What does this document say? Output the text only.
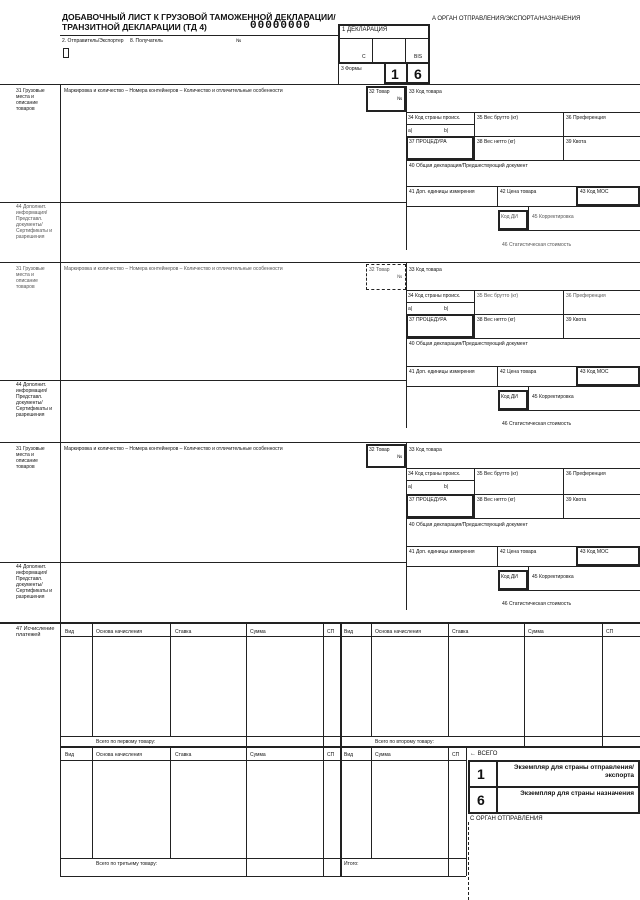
ДОБАВОЧНЫЙ ЛИСТ К ГРУЗОВОЙ ТАМОЖЕННОЙ ДЕКЛАРАЦИИ/
ТРАНЗИТНОЙ ДЕКЛАРАЦИИ (ТД 4)	00000000
A ОРГАН ОТПРАВЛЕНИЯ/ЭКСПОРТА/НАЗНАЧЕНИЯ
1 ДЕКЛАРАЦИЯ
C	BIS
2. Отправитель/Экспортер 8. Получатель	№
3 Формы 1 6
31 Грузовые места и описание товаров
Маркировка и количество – Номера контейнеров – Количество и отличительные особенности	32 Товар
№
33 Код товара
34 Код страны происх.	35 Вес брутто (кг)	36 Преференция
a|	b|
37 ПРОЦЕДУРА	38 Вес нетто (кг)	39 Квота
40 Общая декларация/Предшествующий документ
41 Доп. единицы измерения	42 Цена товара	43 Код МОС
44 Дополнит. информация/ Представл. документы/ Сертификаты и разрешения
Код ДИ	45 Корректировка
46 Статистическая стоимость
31 Грузовые места и описание товаров
Маркировка и количество – Номера контейнеров – Количество и отличительные особенности	32 Товар
№
33 Код товара
34 Код страны происх.	35 Вес брутто (кг)	36 Преференция
a|	b|
37 ПРОЦЕДУРА	38 Вес нетто (кг)	39 Квота
40 Общая декларация/Предшествующий документ
41 Доп. единицы измерения	42 Цена товара	43 Код МОС
44 Дополнит. информация/ Представл. документы/ Сертификаты и разрешения
Код ДИ	45 Корректировка
46 Статистическая стоимость
31 Грузовые места и описание товаров
Маркировка и количество – Номера контейнеров – Количество и отличительные особенности	32 Товар
№
33 Код товара
34 Код страны происх.	35 Вес брутто (кг)	36 Преференция
a|	b|
37 ПРОЦЕДУРА	38 Вес нетто (кг)	39 Квота
40 Общая декларация/Предшествующий документ
41 Доп. единицы измерения	42 Цена товара	43 Код МОС
44 Дополнит. информация/ Представл. документы/ Сертификаты и разрешения
Код ДИ	45 Корректировка
46 Статистическая стоимость
47 Исчисление платежей	Вид	Основа начисления	Ставка	Сумма	СП Вид	Основа начисления	Ставка	Сумма	СП
Всего по первому товару:	Всего по второму товару:
Вид	Основа начисления	Ставка	Сумма	СП Вид	Сумма	СП ← ВСЕГО
Всего по третьему товару:	Итого:
1	Экземпляр для страны отправления/экспорта
6	Экземпляр для страны назначения
C ОРГАН ОТПРАВЛЕНИЯ
